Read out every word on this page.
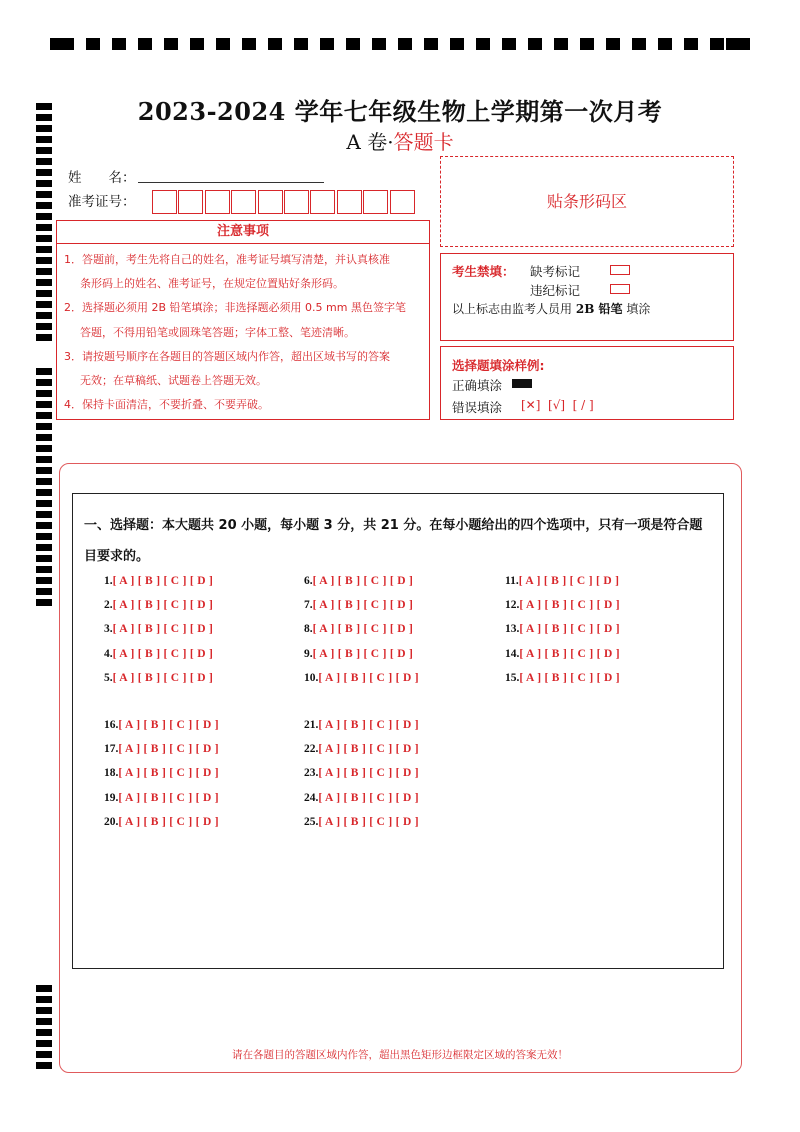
2023-2024 学年七年级生物上学期第一次月考
A 卷·答题卡
姓　　名：
准考证号：	贴条形码区
注意事项

1．答题前，考生先将自己的姓名，准考证号填写清楚，并认真核准

条形码上的姓名、准考证号，在规定位置贴好条形码。

2．选择题必须用 2B 铅笔填涂；非选择题必须用 0.5 mm 黑色签字笔

答题，不得用铅笔或圆珠笔答题；字体工整、笔迹清晰。

3．请按题号顺序在各题目的答题区域内作答，超出区域书写的答案

无效；在草稿纸、试题卷上答题无效。

4．保持卡面清洁，不要折叠、不要弄破。

考生禁填： 缺考标记
违纪标记
以上标志由监考人员用 2B 铅笔 填涂
选择题填涂样例:
正确填涂
错误填涂 [✕]  [√]  [ / ]
一、选择题：本大题共 20 小题，每小题 3 分，共 21 分。在每小题给出的四个选项中，只有一项是符合题目要求的。
1.[ A ] [ B ] [ C ] [ D ]
2.[ A ] [ B ] [ C ] [ D ]
3.[ A ] [ B ] [ C ] [ D ]
4.[ A ] [ B ] [ C ] [ D ]
5.[ A ] [ B ] [ C ] [ D ]
6.[ A ] [ B ] [ C ] [ D ]
7.[ A ] [ B ] [ C ] [ D ]
8.[ A ] [ B ] [ C ] [ D ]
9.[ A ] [ B ] [ C ] [ D ]
10.[ A ] [ B ] [ C ] [ D ]
11.[ A ] [ B ] [ C ] [ D ]
12.[ A ] [ B ] [ C ] [ D ]
13.[ A ] [ B ] [ C ] [ D ]
14.[ A ] [ B ] [ C ] [ D ]
15.[ A ] [ B ] [ C ] [ D ]
16.[ A ] [ B ] [ C ] [ D ]
17.[ A ] [ B ] [ C ] [ D ]
18.[ A ] [ B ] [ C ] [ D ]
19.[ A ] [ B ] [ C ] [ D ]
20.[ A ] [ B ] [ C ] [ D ]
21.[ A ] [ B ] [ C ] [ D ]
22.[ A ] [ B ] [ C ] [ D ]
23.[ A ] [ B ] [ C ] [ D ]
24.[ A ] [ B ] [ C ] [ D ]
25.[ A ] [ B ] [ C ] [ D ]
请在各题目的答题区域内作答，超出黑色矩形边框限定区域的答案无效！
